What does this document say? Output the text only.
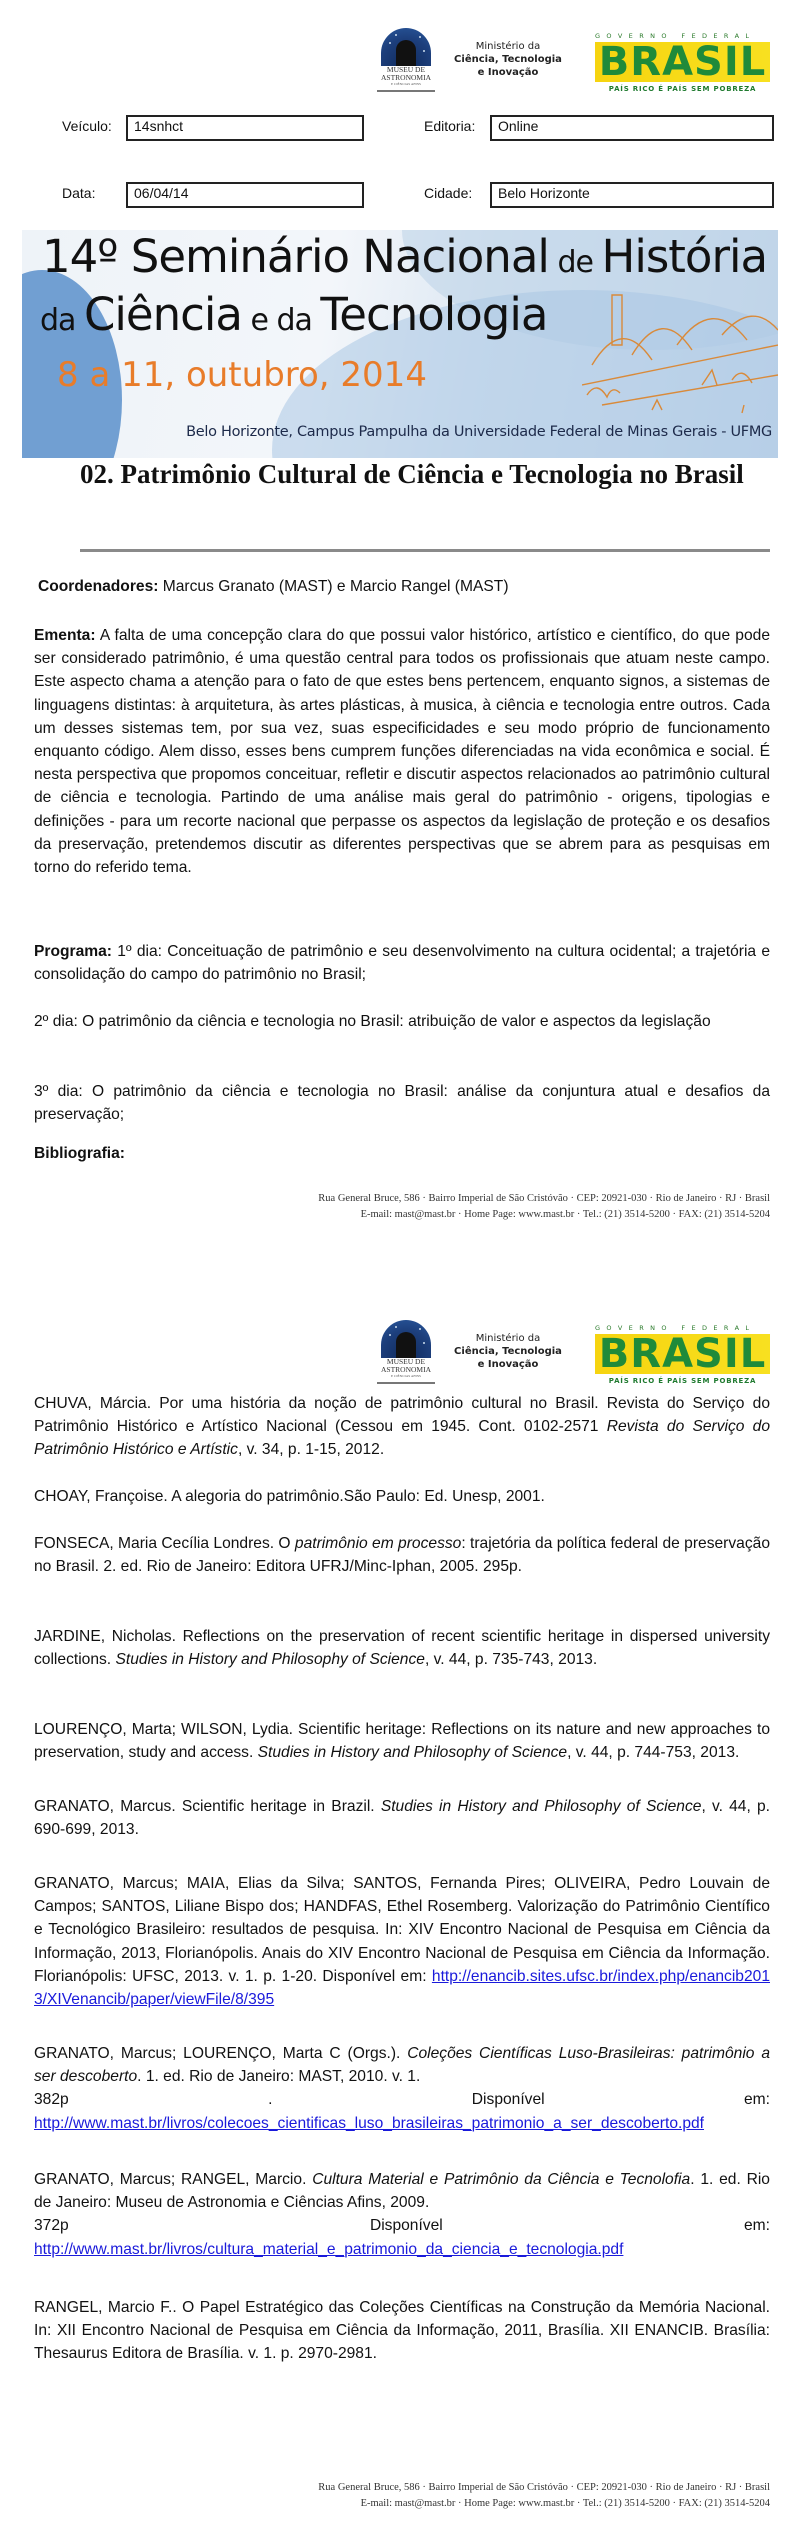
MUSEU DE
ASTRONOMIA
E CIÊNCIAS AFINS
Ministério da
Ciência, Tecnologia
e Inovação
GOVERNO FEDERAL
BRASIL
PAÍS RICO É PAÍS SEM POBREZA
Veículo:	14snhct	Editoria:	Online
Data:	06/04/14	Cidade:	Belo Horizonte
14º Seminário Nacional de História
da Ciência e da Tecnologia
8 a 11, outubro, 2014
Belo Horizonte, Campus Pampulha da Universidade Federal de Minas Gerais - UFMG
02. Patrimônio Cultural de Ciência e Tecnologia no Brasil
Coordenadores: Marcus Granato (MAST) e Marcio Rangel (MAST)
Ementa: A falta de uma concepção clara do que possui valor histórico, artístico e científico, do que pode ser considerado patrimônio, é uma questão central para todos os profissionais que atuam neste campo. Este aspecto chama a atenção para o fato de que estes bens pertencem, enquanto signos, a sistemas de linguagens distintas: à arquitetura, às artes plásticas, à musica, à ciência e tecnologia entre outros. Cada um desses sistemas tem, por sua vez, suas especificidades e seu modo próprio de funcionamento enquanto código. Alem disso, esses bens cumprem funções diferenciadas na vida econômica e social. É nesta perspectiva que propomos conceituar, refletir e discutir aspectos relacionados ao patrimônio cultural de ciência e tecnologia. Partindo de uma análise mais geral do patrimônio - origens, tipologias e definições - para um recorte nacional que perpasse os aspectos da legislação de proteção e os desafios da preservação, pretendemos discutir as diferentes perspectivas que se abrem para as pesquisas em torno do referido tema.
Programa: 1º dia: Conceituação de patrimônio e seu desenvolvimento na cultura ocidental; a trajetória e consolidação do campo do patrimônio no Brasil;
2º dia: O patrimônio da ciência e tecnologia no Brasil: atribuição de valor e aspectos da legislação
3º dia: O patrimônio da ciência e tecnologia no Brasil: análise da conjuntura atual e desafios da preservação;
Bibliografia:
Rua General Bruce, 586 · Bairro Imperial de São Cristóvão · CEP: 20921-030 · Rio de Janeiro · RJ · Brasil
E-mail: mast@mast.br · Home Page: www.mast.br · Tel.: (21) 3514-5200 · FAX: (21) 3514-5204
MUSEU DE
ASTRONOMIA
E CIÊNCIAS AFINS
Ministério da
Ciência, Tecnologia
e Inovação
GOVERNO FEDERAL
BRASIL
PAÍS RICO É PAÍS SEM POBREZA
CHUVA, Márcia. Por uma história da noção de patrimônio cultural no Brasil. Revista do Serviço do Patrimônio Histórico e Artístico Nacional (Cessou em 1945. Cont. 0102-2571 Revista do Serviço do Patrimônio Histórico e Artístic, v. 34, p. 1-15, 2012.
CHOAY, Françoise. A alegoria do patrimônio.São Paulo: Ed. Unesp, 2001.
FONSECA, Maria Cecília Londres. O patrimônio em processo: trajetória da política federal de preservação no Brasil. 2. ed. Rio de Janeiro: Editora UFRJ/Minc-Iphan, 2005. 295p.
JARDINE, Nicholas. Reflections on the preservation of recent scientific heritage in dispersed university collections. Studies in History and Philosophy of Science, v. 44, p. 735-743, 2013.
LOURENÇO, Marta; WILSON, Lydia. Scientific heritage: Reflections on its nature and new approaches to preservation, study and access. Studies in History and Philosophy of Science, v. 44, p. 744-753, 2013.
GRANATO, Marcus. Scientific heritage in Brazil. Studies in History and Philosophy of Science, v. 44, p. 690-699, 2013.
GRANATO, Marcus; MAIA, Elias da Silva; SANTOS, Fernanda Pires; OLIVEIRA, Pedro Louvain de Campos; SANTOS, Liliane Bispo dos; HANDFAS, Ethel Rosemberg. Valorização do Patrimônio Científico e Tecnológico Brasileiro: resultados de pesquisa. In: XIV Encontro Nacional de Pesquisa em Ciência da Informação, 2013, Florianópolis. Anais do XIV Encontro Nacional de Pesquisa em Ciência da Informação. Florianópolis: UFSC, 2013. v. 1. p. 1-20. Disponível em: http://enancib.sites.ufsc.br/index.php/enancib2013/XIVenancib/paper/viewFile/8/395
GRANATO, Marcus; LOURENÇO, Marta C (Orgs.). Coleções Científicas Luso-Brasileiras: patrimônio a ser descoberto. 1. ed. Rio de Janeiro: MAST, 2010. v. 1.
382p	.	Disponível	em:
http://www.mast.br/livros/colecoes_cientificas_luso_brasileiras_patrimonio_a_ser_descoberto.pdf
GRANATO, Marcus; RANGEL, Marcio. Cultura Material e Patrimônio da Ciência e Tecnolofia. 1. ed. Rio de Janeiro: Museu de Astronomia e Ciências Afins, 2009.
372p	Disponível	em:
http://www.mast.br/livros/cultura_material_e_patrimonio_da_ciencia_e_tecnologia.pdf
RANGEL, Marcio F.. O Papel Estratégico das Coleções Científicas na Construção da Memória Nacional. In: XII Encontro Nacional de Pesquisa em Ciência da Informação, 2011, Brasília. XII ENANCIB. Brasília: Thesaurus Editora de Brasília. v. 1. p. 2970-2981.
Rua General Bruce, 586 · Bairro Imperial de São Cristóvão · CEP: 20921-030 · Rio de Janeiro · RJ · Brasil
E-mail: mast@mast.br · Home Page: www.mast.br · Tel.: (21) 3514-5200 · FAX: (21) 3514-5204
